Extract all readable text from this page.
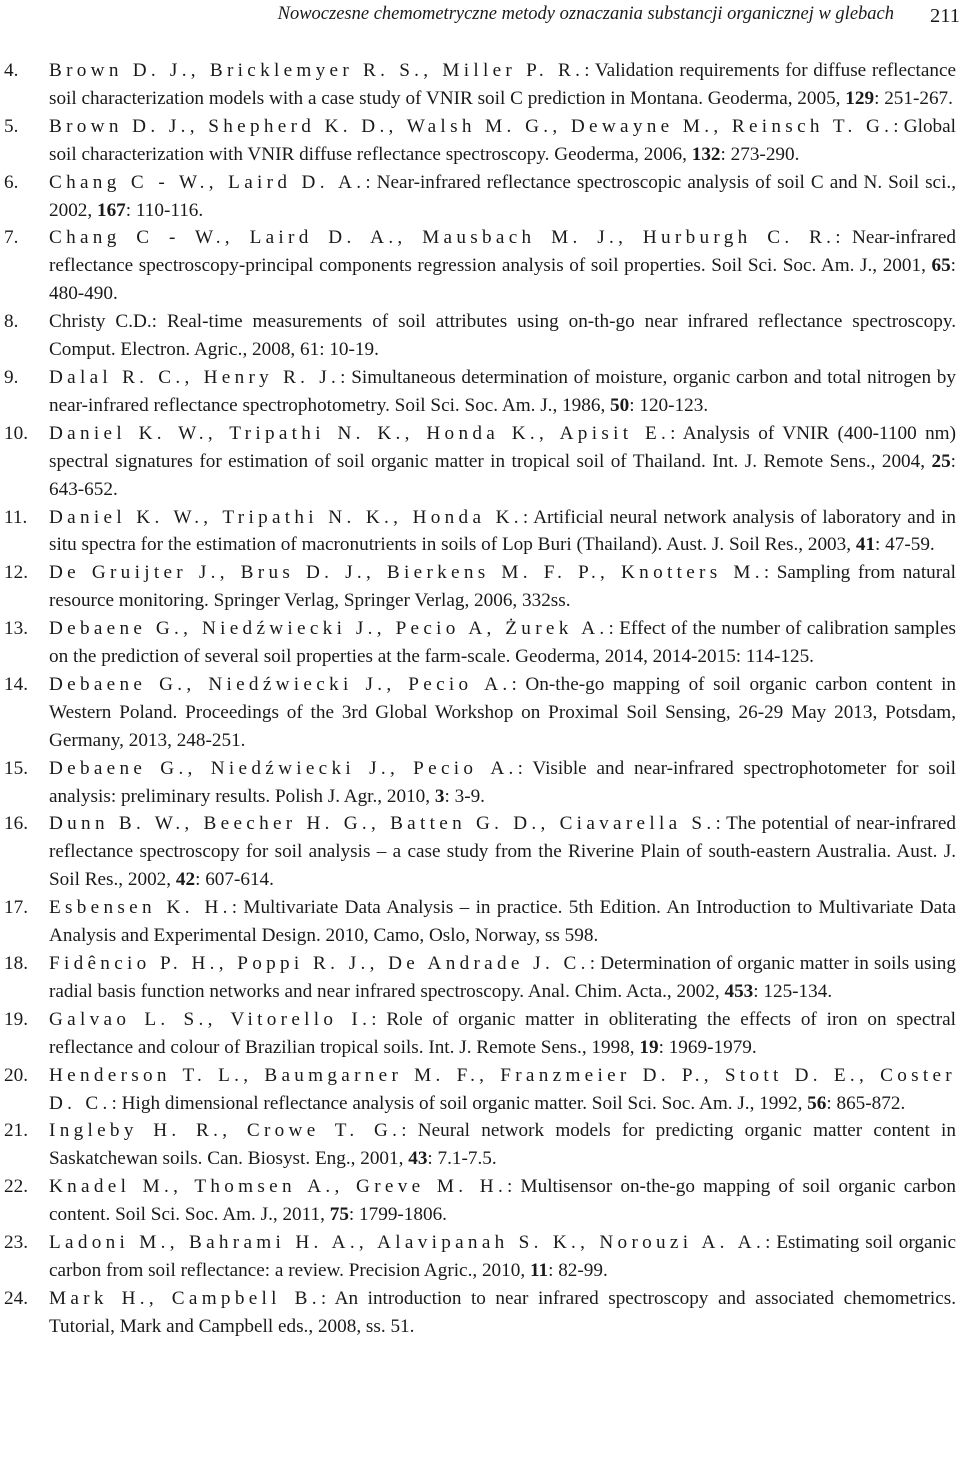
Nowoczesne chemometryczne metody oznaczania substancji organicznej w glebach	211

4. Brown D. J., Bricklemyer R. S., Miller P. R.: Validation requirements for diffuse reflectance soil characterization models with a case study of VNIR soil C prediction in Montana. Geoderma, 2005, 129: 251-267.

5. Brown D. J., Shepherd K. D., Walsh M. G., Dewayne M., Reinsch T. G.: Global soil characterization with VNIR diffuse reflectance spectroscopy. Geoderma, 2006, 132: 273-290.

6. Chang C - W., Laird D. A.: Near-infrared reflectance spectroscopic analysis of soil C and N. Soil sci., 2002, 167: 110-116.

7. Chang C - W., Laird D. A., Mausbach M. J., Hurburgh C. R.: Near-infrared reflectance spectroscopy-principal components regression analysis of soil properties. Soil Sci. Soc. Am. J., 2001, 65: 480-490.

8. Christy C.D.: Real-time measurements of soil attributes using on-th-go near infrared reflectance spectroscopy. Comput. Electron. Agric., 2008, 61: 10-19.

9. Dalal R. C., Henry R. J.: Simultaneous determination of moisture, organic carbon and total nitrogen by near-infrared reflectance spectrophotometry. Soil Sci. Soc. Am. J., 1986, 50: 120-123.

10. Daniel K. W., Tripathi N. K., Honda K., Apisit E.: Analysis of VNIR (400-1100 nm) spectral signatures for estimation of soil organic matter in tropical soil of Thailand. Int. J. Remote Sens., 2004, 25: 643-652.

11. Daniel K. W., Tripathi N. K., Honda K.: Artificial neural network analysis of laboratory and in situ spectra for the estimation of macronutrients in soils of Lop Buri (Thailand). Aust. J. Soil Res., 2003, 41: 47-59.

12. De Gruijter J., Brus D. J., Bierkens M. F. P., Knotters M.: Sampling from natural resource monitoring. Springer Verlag, Springer Verlag, 2006, 332ss.

13. Debaene G., Niedźwiecki J., Pecio A, Żurek A.: Effect of the number of calibration samples on the prediction of several soil properties at the farm-scale. Geoderma, 2014, 2014-2015: 114-125.

14. Debaene G., Niedźwiecki J., Pecio A.: On-the-go mapping of soil organic carbon content in Western Poland. Proceedings of the 3rd Global Workshop on Proximal Soil Sensing, 26-29 May 2013, Potsdam, Germany, 2013, 248-251.

15. Debaene G., Niedźwiecki J., Pecio A.: Visible and near-infrared spectrophotometer for soil analysis: preliminary results. Polish J. Agr., 2010, 3: 3-9.

16. Dunn B. W., Beecher H. G., Batten G. D., Ciavarella S.: The potential of near-infrared reflectance spectroscopy for soil analysis – a case study from the Riverine Plain of south-eastern Australia. Aust. J. Soil Res., 2002, 42: 607-614.

17. Esbensen K. H.: Multivariate Data Analysis – in practice. 5th Edition. An Introduction to Multivariate Data Analysis and Experimental Design. 2010, Camo, Oslo, Norway, ss 598.

18. Fidêncio P. H., Poppi R. J., De Andrade J. C.: Determination of organic matter in soils using radial basis function networks and near infrared spectroscopy. Anal. Chim. Acta., 2002, 453: 125-134.

19. Galvao L. S., Vitorello I.: Role of organic matter in obliterating the effects of iron on spectral reflectance and colour of Brazilian tropical soils. Int. J. Remote Sens., 1998, 19: 1969-1979.

20. Henderson T. L., Baumgarner M. F., Franzmeier D. P., Stott D. E., Coster D. C.: High dimensional reflectance analysis of soil organic matter. Soil Sci. Soc. Am. J., 1992, 56: 865-872.

21. Ingleby H. R., Crowe T. G.: Neural network models for predicting organic matter content in Saskatchewan soils. Can. Biosyst. Eng., 2001, 43: 7.1-7.5.

22. Knadel M., Thomsen A., Greve M. H.: Multisensor on-the-go mapping of soil organic carbon content. Soil Sci. Soc. Am. J., 2011, 75: 1799-1806.

23. Ladoni M., Bahrami H. A., Alavipanah S. K., Norouzi A. A.: Estimating soil organic carbon from soil reflectance: a review. Precision Agric., 2010, 11: 82-99.

24. Mark H., Campbell B.: An introduction to near infrared spectroscopy and associated chemometrics. Tutorial, Mark and Campbell eds., 2008, ss. 51.
